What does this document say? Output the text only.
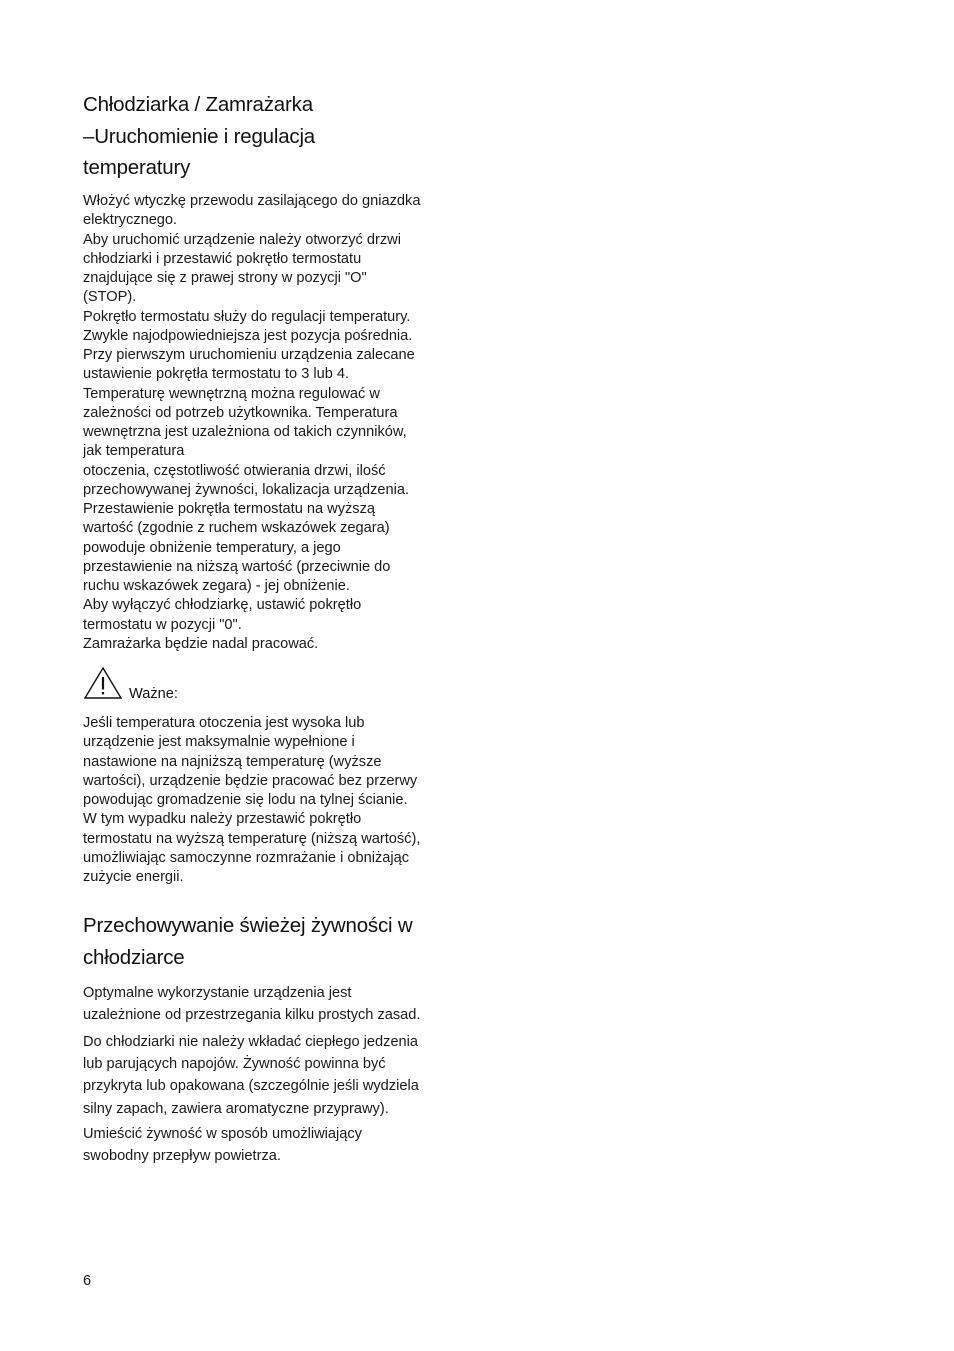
Chłodziarka / Zamrażarka
–Uruchomienie i regulacja
temperatury

Włożyć wtyczkę przewodu zasilającego do gniazdka
elektrycznego.
Aby uruchomić urządzenie należy otworzyć drzwi
chłodziarki i przestawić pokrętło termostatu
znajdujące się z prawej strony w pozycji "O"
(STOP).
Pokrętło termostatu służy do regulacji temperatury.
Zwykle najodpowiedniejsza jest pozycja pośrednia.
Przy pierwszym uruchomieniu urządzenia zalecane
ustawienie pokrętła termostatu to 3 lub 4.
Temperaturę wewnętrzną można regulować w
zależności od potrzeb użytkownika. Temperatura
wewnętrzna jest uzależniona od takich czynników,
jak temperatura
otoczenia, częstotliwość otwierania drzwi, ilość
przechowywanej żywności, lokalizacja urządzenia.
Przestawienie pokrętła termostatu na wyższą
wartość (zgodnie z ruchem wskazówek zegara)
powoduje obniżenie temperatury, a jego
przestawienie na niższą wartość (przeciwnie do
ruchu wskazówek zegara) - jej obniżenie.
Aby wyłączyć chłodziarkę, ustawić pokrętło
termostatu w pozycji "0".
Zamrażarka będzie nadal pracować.

Ważne:

Jeśli temperatura otoczenia jest wysoka lub
urządzenie jest maksymalnie wypełnione i
nastawione na najniższą temperaturę (wyższe
wartości), urządzenie będzie pracować bez przerwy
powodując gromadzenie się lodu na tylnej ścianie.
W tym wypadku należy przestawić pokrętło
termostatu na wyższą temperaturę (niższą wartość),
umożliwiając samoczynne rozmrażanie i obniżając
zużycie energii.

Przechowywanie świeżej żywności w
chłodziarce

Optymalne wykorzystanie urządzenia jest
uzależnione od przestrzegania kilku prostych zasad.

Do chłodziarki nie należy wkładać ciepłego jedzenia
lub parujących napojów. Żywność powinna być
przykryta lub opakowana (szczególnie jeśli wydziela
silny zapach, zawiera aromatyczne przyprawy).

Umieścić żywność w sposób umożliwiający
swobodny przepływ powietrza.

6
